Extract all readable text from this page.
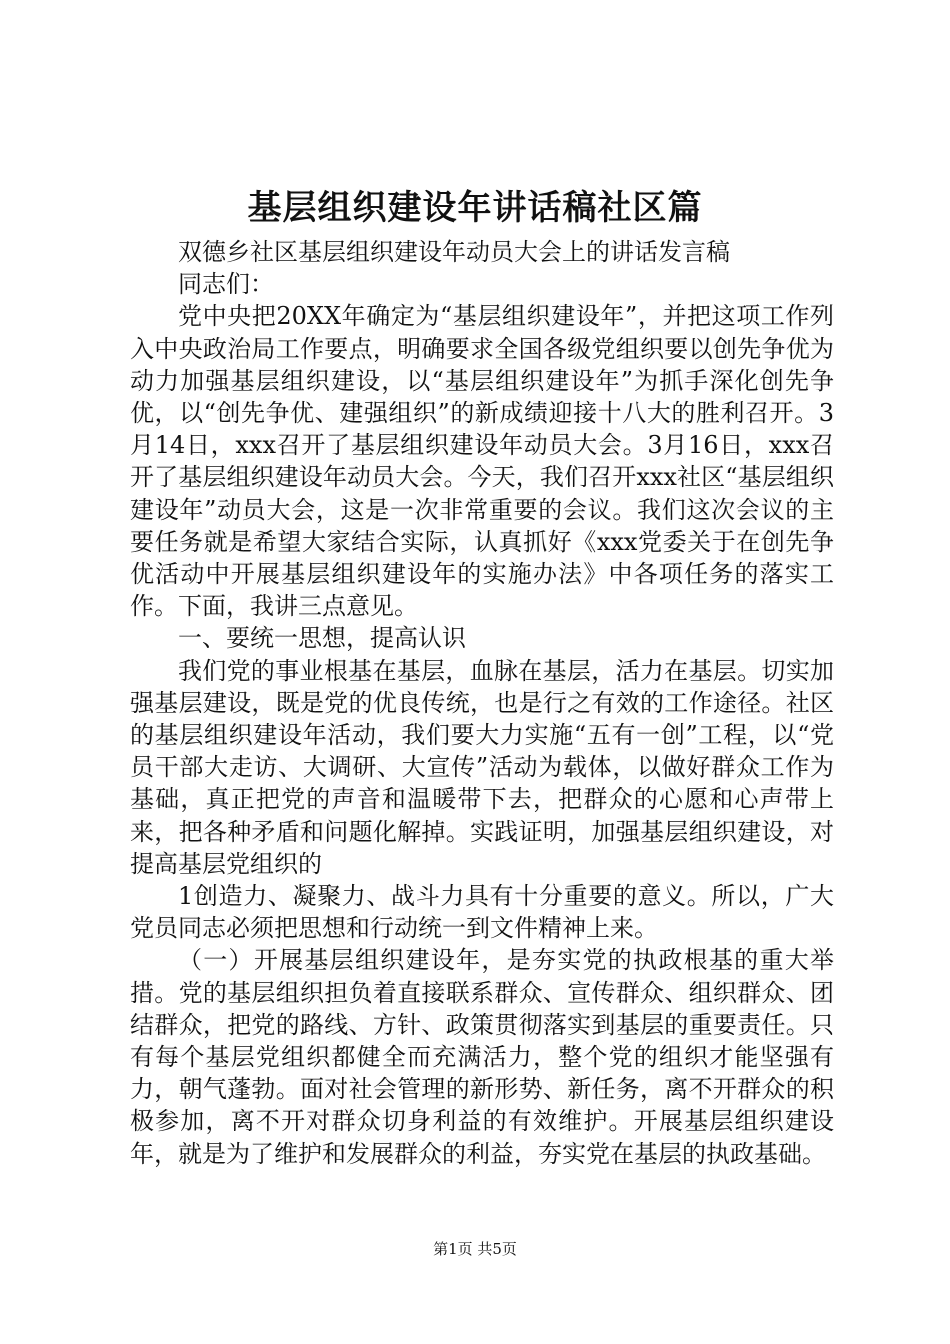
基层组织建设年讲话稿社区篇

双德乡社区基层组织建设年动员大会上的讲话发言稿

同志们：

党中央把20XX年确定为“基层组织建设年”，并把这项工作列入中央政治局工作要点，明确要求全国各级党组织要以创先争优为动力加强基层组织建设，以“基层组织建设年”为抓手深化创先争优，以“创先争优、建强组织”的新成绩迎接十八大的胜利召开。3月14日，xxx召开了基层组织建设年动员大会。3月16日，xxx召开了基层组织建设年动员大会。今天，我们召开xxx社区“基层组织建设年”动员大会，这是一次非常重要的会议。我们这次会议的主要任务就是希望大家结合实际，认真抓好《xxx党委关于在创先争优活动中开展基层组织建设年的实施办法》中各项任务的落实工作。下面，我讲三点意见。

一、要统一思想，提高认识

我们党的事业根基在基层，血脉在基层，活力在基层。切实加强基层建设，既是党的优良传统，也是行之有效的工作途径。社区的基层组织建设年活动，我们要大力实施“五有一创”工程，以“党员干部大走访、大调研、大宣传”活动为载体，以做好群众工作为基础，真正把党的声音和温暖带下去，把群众的心愿和心声带上来，把各种矛盾和问题化解掉。实践证明，加强基层组织建设，对提高基层党组织的

1创造力、凝聚力、战斗力具有十分重要的意义。所以，广大党员同志必须把思想和行动统一到文件精神上来。

（一）开展基层组织建设年，是夯实党的执政根基的重大举措。党的基层组织担负着直接联系群众、宣传群众、组织群众、团结群众，把党的路线、方针、政策贯彻落实到基层的重要责任。只有每个基层党组织都健全而充满活力，整个党的组织才能坚强有力，朝气蓬勃。面对社会管理的新形势、新任务，离不开群众的积极参加，离不开对群众切身利益的有效维护。开展基层组织建设年，就是为了维护和发展群众的利益，夯实党在基层的执政基础。

第1页 共5页
